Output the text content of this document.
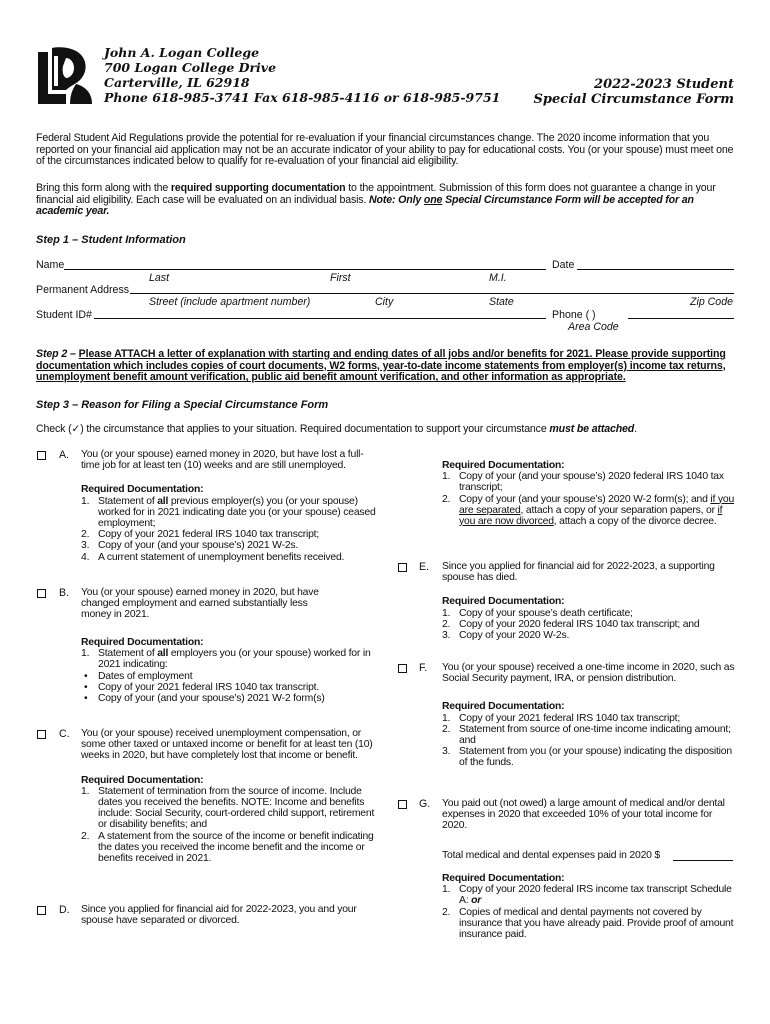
John A. Logan College
700 Logan College Drive
Carterville, IL 62918
Phone 618-985-3741 Fax 618-985-4116 or 618-985-9751
2022-2023 Student
Special Circumstance Form
Federal Student Aid Regulations provide the potential for re-evaluation if your financial circumstances change. The 2020 income information that you reported on your financial aid application may not be an accurate indicator of your ability to pay for educational costs. You (or your spouse) must meet one of the circumstances indicated below to qualify for re-evaluation of your financial aid eligibility.
Bring this form along with the required supporting documentation to the appointment. Submission of this form does not guarantee a change in your financial aid eligibility. Each case will be evaluated on an individual basis. Note: Only one Special Circumstance Form will be accepted for an academic year.
Step 1 – Student Information
Name	Date
Last	First	M.I.
Permanent Address
Street (include apartment number)	City	State	Zip Code
Student ID#	Phone ( )
Area Code
Step 2 – Please ATTACH a letter of explanation with starting and ending dates of all jobs and/or benefits for 2021. Please provide supporting documentation which includes copies of court documents, W2 forms, year-to-date income statements from employer(s) income tax returns, unemployment benefit amount verification, public aid benefit amount verification, and other information as appropriate.
Step 3 – Reason for Filing a Special Circumstance Form
Check (✓) the circumstance that applies to your situation. Required documentation to support your circumstance must be attached.
A. You (or your spouse) earned money in 2020, but have lost a full-time job for at least ten (10) weeks and are still unemployed.

Required Documentation:

1. Statement of all previous employer(s) you (or your spouse) worked for in 2021 indicating date you (or your spouse) ceased employment;
2. Copy of your 2021 federal IRS 1040 tax transcript;
3. Copy of your (and your spouse’s) 2021 W-2s.
4. A current statement of unemployment benefits received.
B. You (or your spouse) earned money in 2020, but have changed employment and earned substantially less money in 2021.

Required Documentation:

1. Statement of all employers you (or your spouse) worked for in 2021 indicating:
• Dates of employment
• Copy of your 2021 federal IRS 1040 tax transcript.
• Copy of your (and your spouse’s) 2021 W-2 form(s)
C. You (or your spouse) received unemployment compensation, or some other taxed or untaxed income or benefit for at least ten (10) weeks in 2020, but have completely lost that income or benefit.

Required Documentation:

1. Statement of termination from the source of income. Include dates you received the benefits. NOTE: Income and benefits include: Social Security, court-ordered child support, retirement or disability benefits; and
2. A statement from the source of the income or benefit indicating the dates you received the income benefit and the income or benefits received in 2021.
D. Since you applied for financial aid for 2022-2023, you and your spouse have separated or divorced.

Required Documentation:

1. Copy of your (and your spouse’s) 2020 federal IRS 1040 tax transcript;
2. Copy of your (and your spouse’s) 2020 W-2 form(s); and if you are separated, attach a copy of your separation papers, or if you are now divorced, attach a copy of the divorce decree.
E. Since you applied for financial aid for 2022-2023, a supporting spouse has died.

Required Documentation:

1. Copy of your spouse’s death certificate;
2. Copy of your 2020 federal IRS 1040 tax transcript; and
3. Copy of your 2020 W-2s.
F. You (or your spouse) received a one-time income in 2020, such as Social Security payment, IRA, or pension distribution.

Required Documentation:

1. Copy of your 2021 federal IRS 1040 tax transcript;
2. Statement from source of one-time income indicating amount; and
3. Statement from you (or your spouse) indicating the disposition of the funds.
G. You paid out (not owed) a large amount of medical and/or dental expenses in 2020 that exceeded 10% of your total income for 2020.

Total medical and dental expenses paid in 2020 $

Required Documentation:

1. Copy of your 2020 federal IRS income tax transcript Schedule A: or
2. Copies of medical and dental payments not covered by insurance that you have already paid. Provide proof of amount insurance paid.
